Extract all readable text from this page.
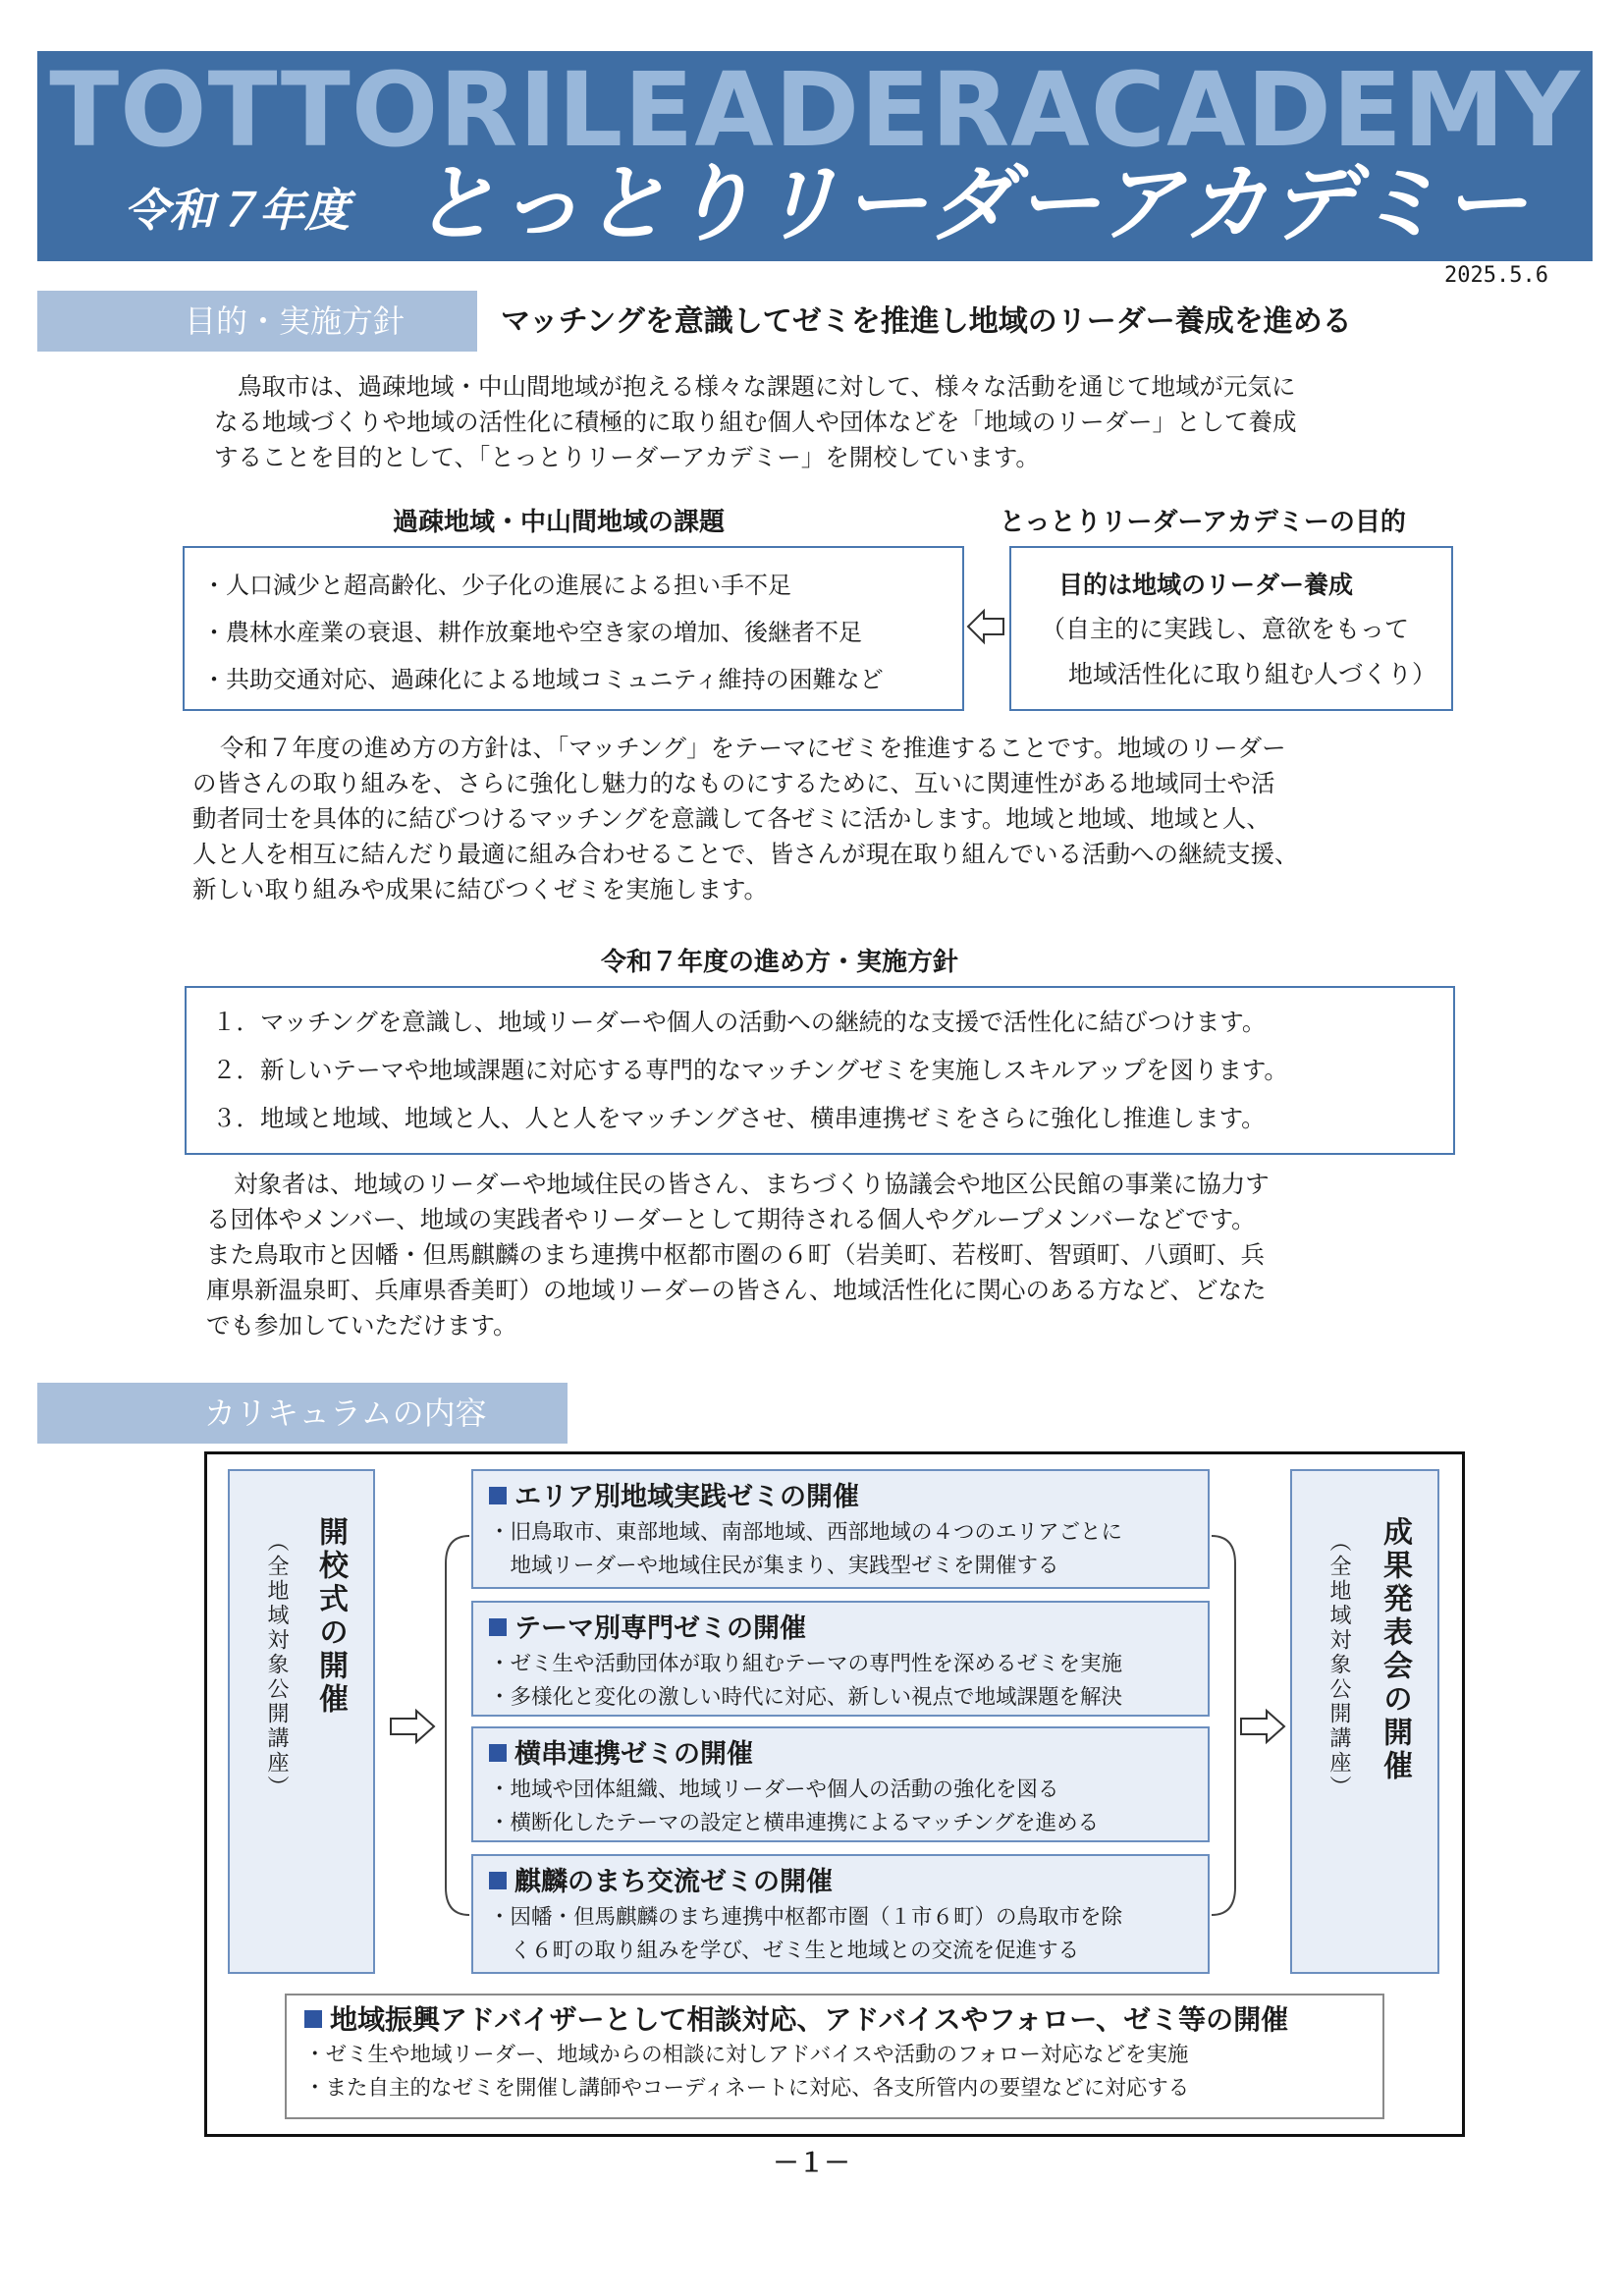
TOTTORILEADERACADEMY
令和７年度 とっとりリーダーアカデミー
2025.5.6
目的・実施方針	マッチングを意識してゼミを推進し地域のリーダー養成を進める
鳥取市は、過疎地域・中山間地域が抱える様々な課題に対して、様々な活動を通じて地域が元気に
なる地域づくりや地域の活性化に積極的に取り組む個人や団体などを「地域のリーダー」として養成
することを目的として、「とっとりリーダーアカデミー」を開校しています。
過疎地域・中山間地域の課題	とっとりリーダーアカデミーの目的
・人口減少と超高齢化、少子化の進展による担い手不足
・農林水産業の衰退、耕作放棄地や空き家の増加、後継者不足
・共助交通対応、過疎化による地域コミュニティ維持の困難など
目的は地域のリーダー養成
（自主的に実践し、意欲をもって
地域活性化に取り組む人づくり）
令和７年度の進め方の方針は、「マッチング」をテーマにゼミを推進することです。地域のリーダー
の皆さんの取り組みを、さらに強化し魅力的なものにするために、互いに関連性がある地域同士や活
動者同士を具体的に結びつけるマッチングを意識して各ゼミに活かします。地域と地域、地域と人、
人と人を相互に結んだり最適に組み合わせることで、皆さんが現在取り組んでいる活動への継続支援、
新しい取り組みや成果に結びつくゼミを実施します。
令和７年度の進め方・実施方針
１．マッチングを意識し、地域リーダーや個人の活動への継続的な支援で活性化に結びつけます。
２．新しいテーマや地域課題に対応する専門的なマッチングゼミを実施しスキルアップを図ります。
３．地域と地域、地域と人、人と人をマッチングさせ、横串連携ゼミをさらに強化し推進します。
対象者は、地域のリーダーや地域住民の皆さん、まちづくり協議会や地区公民館の事業に協力す
る団体やメンバー、地域の実践者やリーダーとして期待される個人やグループメンバーなどです。
また鳥取市と因幡・但馬麒麟のまち連携中枢都市圏の６町（岩美町、若桜町、智頭町、八頭町、兵
庫県新温泉町、兵庫県香美町）の地域リーダーの皆さん、地域活性化に関心のある方など、どなた
でも参加していただけます。
カリキュラムの内容
開校式の開催
（全地域対象公開講座）
エリア別地域実践ゼミの開催
・旧鳥取市、東部地域、南部地域、西部地域の４つのエリアごとに
　地域リーダーや地域住民が集まり、実践型ゼミを開催する
テーマ別専門ゼミの開催
・ゼミ生や活動団体が取り組むテーマの専門性を深めるゼミを実施
・多様化と変化の激しい時代に対応、新しい視点で地域課題を解決
横串連携ゼミの開催
・地域や団体組織、地域リーダーや個人の活動の強化を図る
・横断化したテーマの設定と横串連携によるマッチングを進める
麒麟のまち交流ゼミの開催
・因幡・但馬麒麟のまち連携中枢都市圏（１市６町）の鳥取市を除
　く６町の取り組みを学び、ゼミ生と地域との交流を促進する
成果発表会の開催
（全地域対象公開講座）
地域振興アドバイザーとして相談対応、アドバイスやフォロー、ゼミ等の開催
・ゼミ生や地域リーダー、地域からの相談に対しアドバイスや活動のフォロー対応などを実施
・また自主的なゼミを開催し講師やコーディネートに対応、各支所管内の要望などに対応する
－１－
